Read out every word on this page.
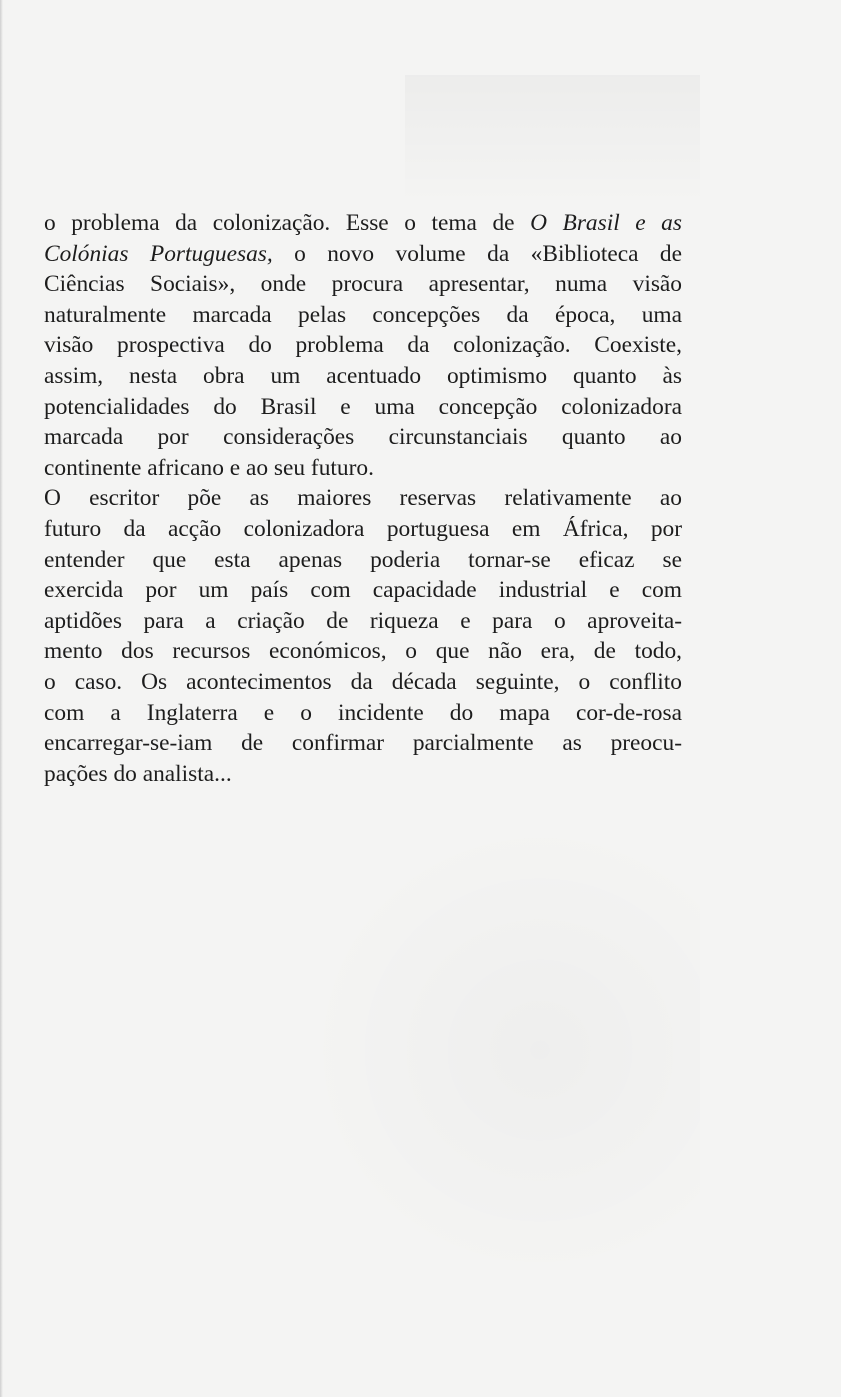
o problema da colonização. Esse o tema de O Brasil e as
Colónias Portuguesas, o novo volume da «Biblioteca de
Ciências Sociais», onde procura apresentar, numa visão
naturalmente marcada pelas concepções da época, uma
visão prospectiva do problema da colonização. Coexiste,
assim, nesta obra um acentuado optimismo quanto às
potencialidades do Brasil e uma concepção colonizadora
marcada por considerações circunstanciais quanto ao
continente africano e ao seu futuro.
O escritor põe as maiores reservas relativamente ao
futuro da acção colonizadora portuguesa em África, por
entender que esta apenas poderia tornar-se eficaz se
exercida por um país com capacidade industrial e com
aptidões para a criação de riqueza e para o aproveita-
mento dos recursos económicos, o que não era, de todo,
o caso. Os acontecimentos da década seguinte, o conflito
com a Inglaterra e o incidente do mapa cor-de-rosa
encarregar-se-iam de confirmar parcialmente as preocu-
pações do analista...
